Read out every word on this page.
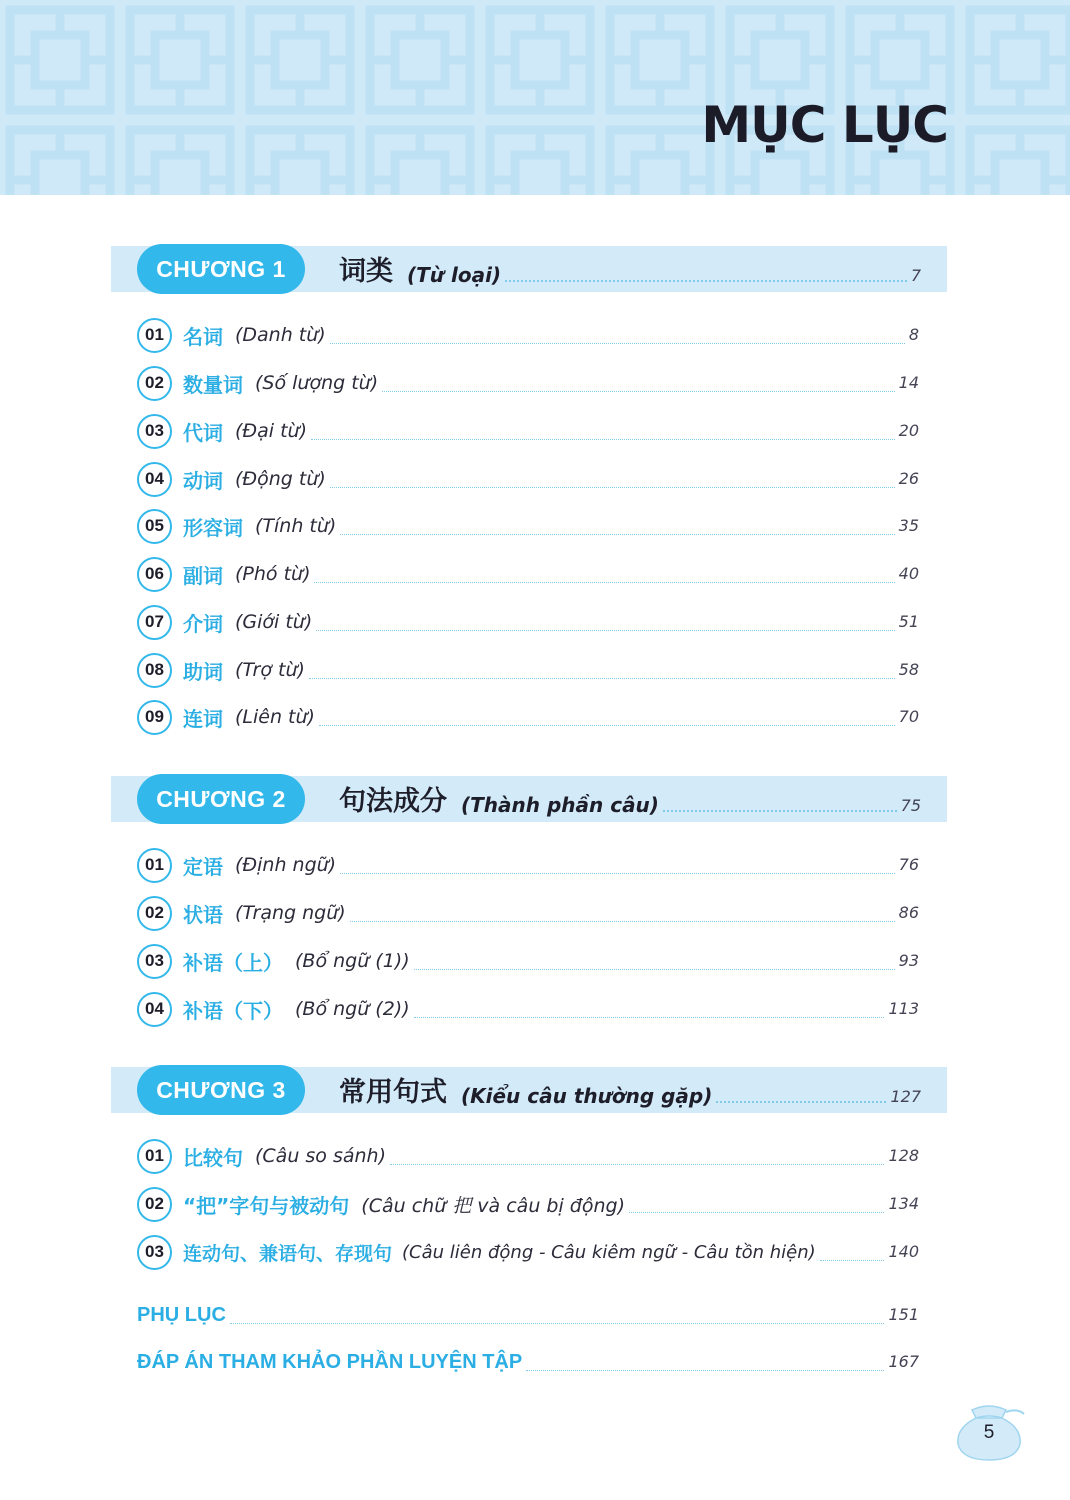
MỤC LỤC
CHƯƠNG 1	词类 (Từ loại)	7
01 名词 (Danh từ)	8
02 数量词 (Số lượng từ)	14
03 代词 (Đại từ)	20
04 动词 (Động từ)	26
05 形容词 (Tính từ)	35
06 副词 (Phó từ)	40
07 介词 (Giới từ)	51
08 助词 (Trợ từ)	58
09 连词 (Liên từ)	70
CHƯƠNG 2	句法成分 (Thành phần câu)	75
01 定语 (Định ngữ)	76
02 状语 (Trạng ngữ)	86
03 补语（上） (Bổ ngữ (1))	93
04 补语（下） (Bổ ngữ (2))	113
CHƯƠNG 3	常用句式 (Kiểu câu thường gặp)	127
01 比较句 (Câu so sánh)	128
02 “把”字句与被动句 (Câu chữ 把 và câu bị động)	134
03	连动句、兼语句、存现句 (Câu liên động - Câu kiêm ngữ - Câu tồn hiện)	140
PHỤ LỤC	151
ĐÁP ÁN THAM KHẢO PHẦN LUYỆN TẬP	167
5
